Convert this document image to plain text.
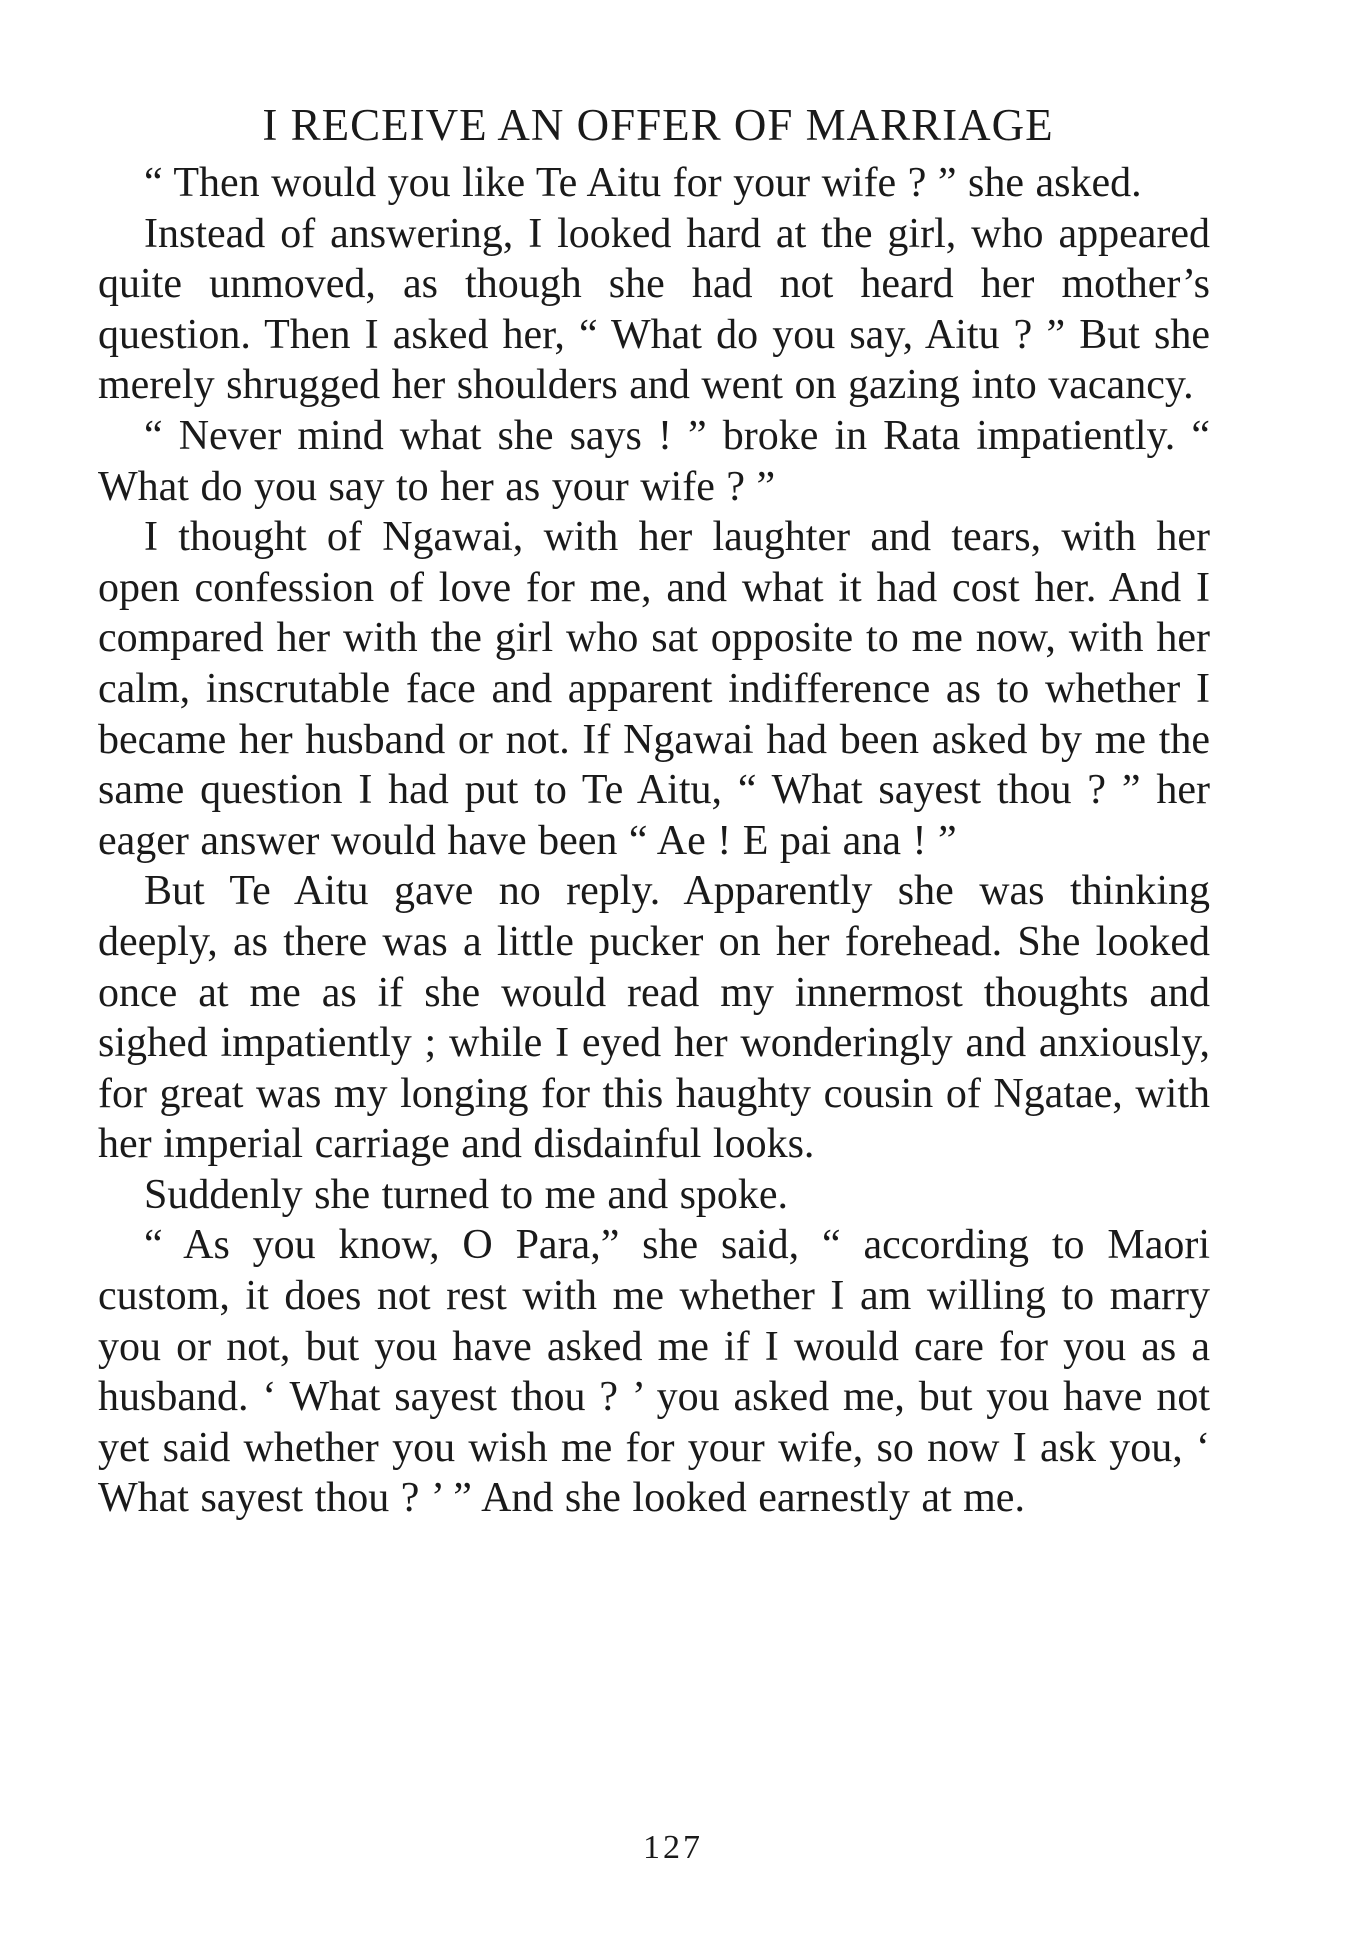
I RECEIVE AN OFFER OF MARRIAGE

“ Then would you like Te Aitu for your wife ? ” she asked.

Instead of answering, I looked hard at the girl, who appeared quite unmoved, as though she had not heard her mother’s question. Then I asked her, “ What do you say, Aitu ? ” But she merely shrugged her shoulders and went on gazing into vacancy.

“ Never mind what she says ! ” broke in Rata impatiently. “ What do you say to her as your wife ? ”

I thought of Ngawai, with her laughter and tears, with her open confession of love for me, and what it had cost her. And I compared her with the girl who sat opposite to me now, with her calm, inscrutable face and apparent indifference as to whether I became her husband or not. If Ngawai had been asked by me the same question I had put to Te Aitu, “ What sayest thou ? ” her eager answer would have been “ Ae ! E pai ana ! ”

But Te Aitu gave no reply. Apparently she was thinking deeply, as there was a little pucker on her forehead. She looked once at me as if she would read my innermost thoughts and sighed impatiently ; while I eyed her wonderingly and anxiously, for great was my longing for this haughty cousin of Ngatae, with her imperial carriage and disdainful looks.

Suddenly she turned to me and spoke.

“ As you know, O Para,” she said, “ according to Maori custom, it does not rest with me whether I am willing to marry you or not, but you have asked me if I would care for you as a husband. ‘ What sayest thou ? ’ you asked me, but you have not yet said whether you wish me for your wife, so now I ask you, ‘ What sayest thou ? ’ ” And she looked earnestly at me.

127
